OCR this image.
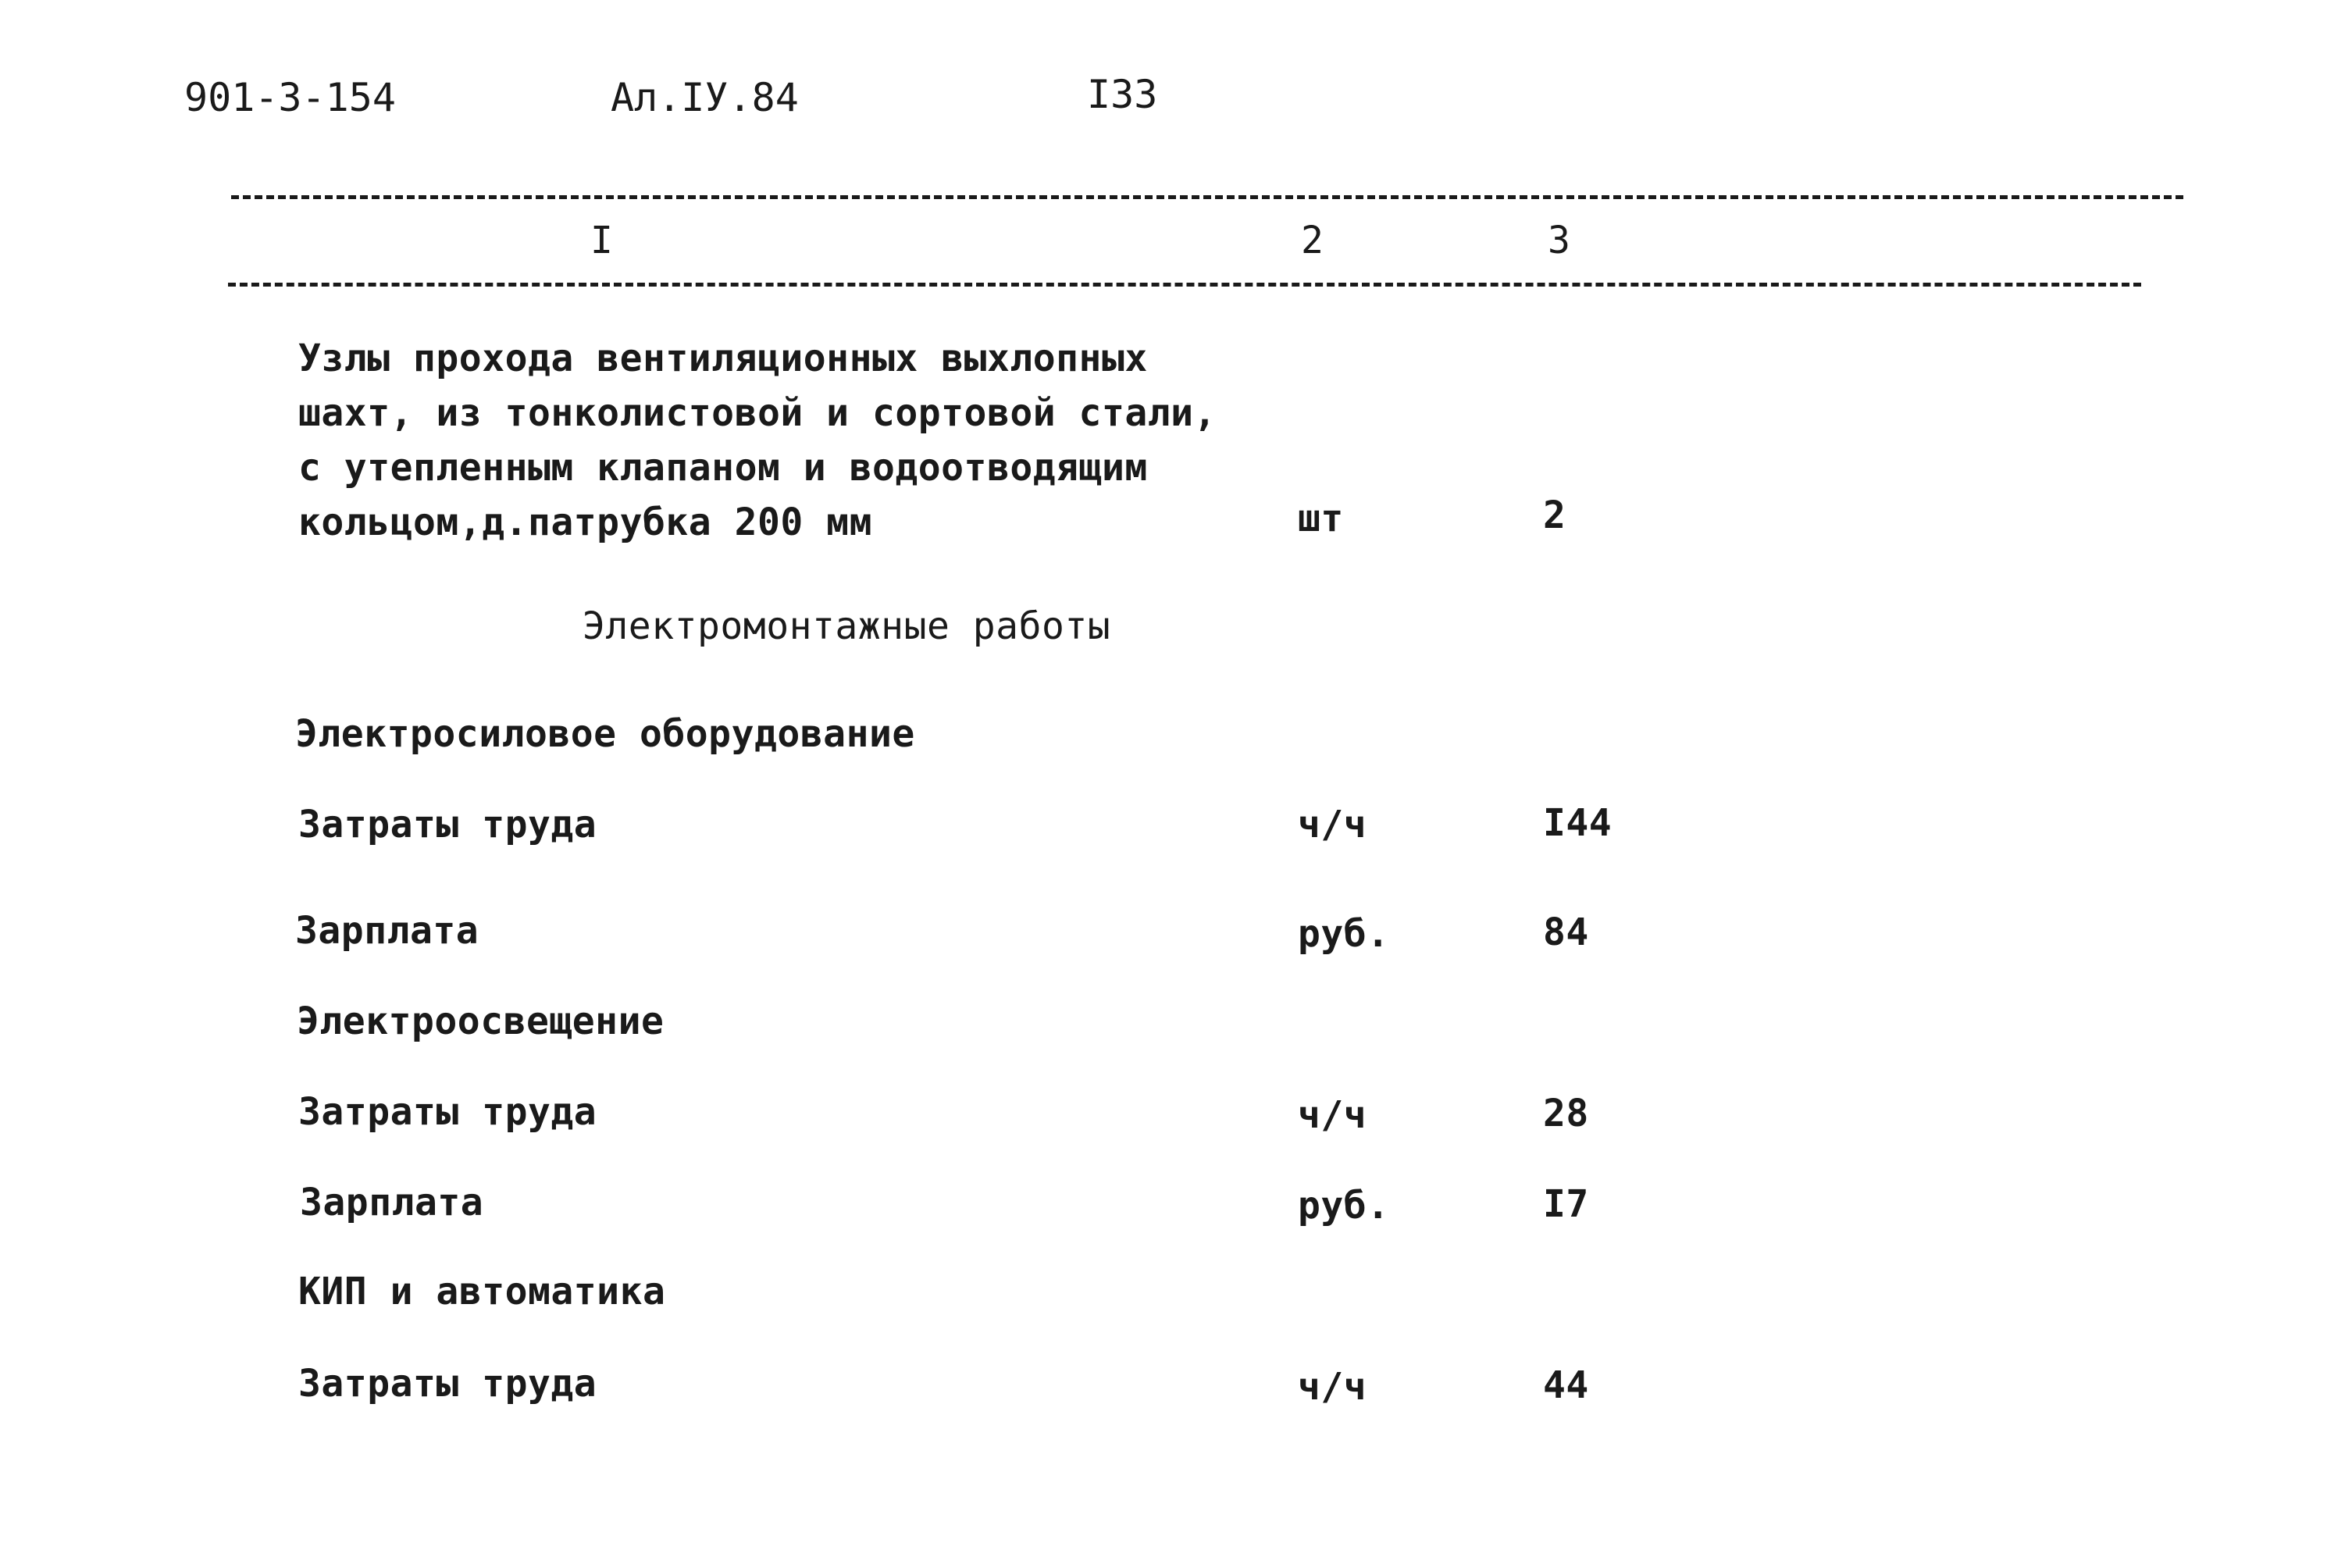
901-3-154	Ал.IУ.84	I33
I	2	3
Узлы прохода вентиляционных выхлопных
шахт, из тонколистовой и сортовой стали,
с утепленным клапаном и водоотводящим
кольцом,д.патрубка 200 мм	шт	2
Электромонтажные работы
Электросиловое оборудование
Затраты труда	ч/ч	I44
Зарплата	руб.	84
Электроосвещение
Затраты труда	ч/ч	28
Зарплата	руб.	I7
КИП и автоматика
Затраты труда	ч/ч	44
